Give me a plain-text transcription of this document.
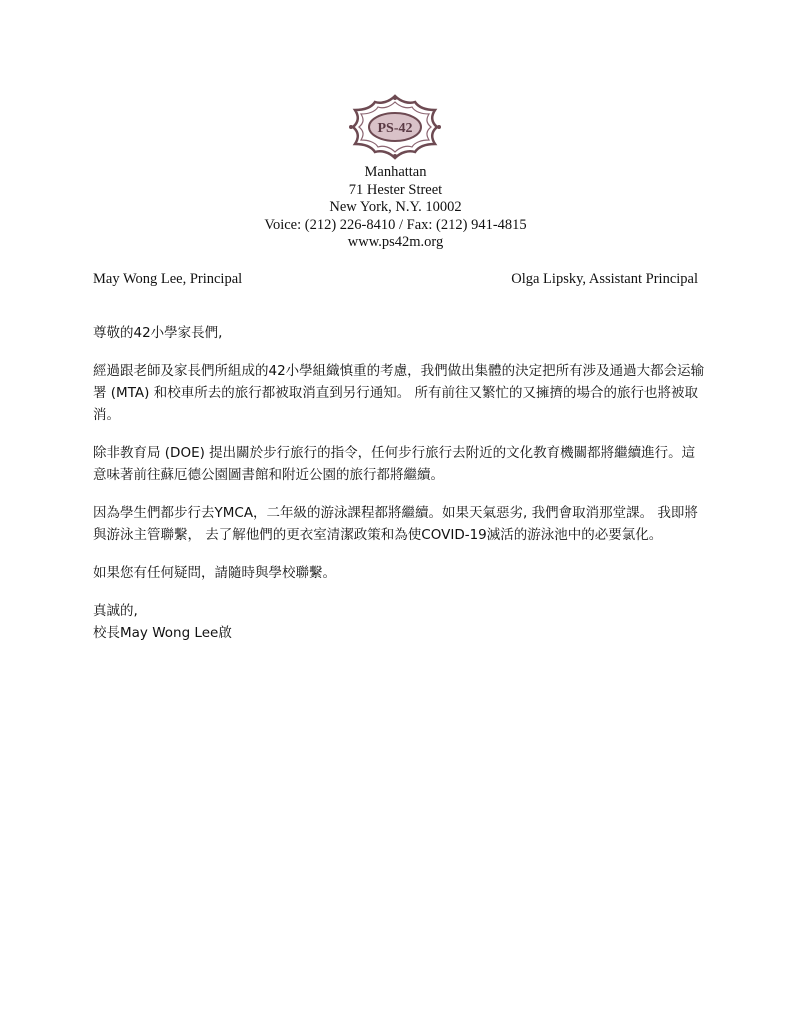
PS-42
Manhattan
71 Hester Street
New York, N.Y. 10002
Voice: (212) 226-8410 / Fax: (212) 941-4815
www.ps42m.org
May Wong Lee, Principal	Olga Lipsky, Assistant Principal

尊敬的42小學家長們,

經過跟老師及家長們所組成的42小學組織慎重的考慮，我們做出集體的決定把所有涉及通過大都会运输署 (MTA) 和校車所去的旅行都被取消直到另行通知。 所有前往又繁忙的又擁擠的場合的旅行也將被取消。

除非教育局 (DOE) 提出關於步行旅行的指令，任何步行旅行去附近的文化教育機關都將繼續進行。這意味著前往蘇厄德公園圖書館和附近公園的旅行都將繼續。

因為學生們都步行去YMCA，二年級的游泳課程都將繼續。如果天氣惡劣, 我們會取消那堂課。 我即將與游泳主管聯繫， 去了解他們的更衣室清潔政策和為使COVID-19滅活的游泳池中的必要氯化。

如果您有任何疑問，請隨時與學校聯繫。

真誠的,

校長May Wong Lee啟
